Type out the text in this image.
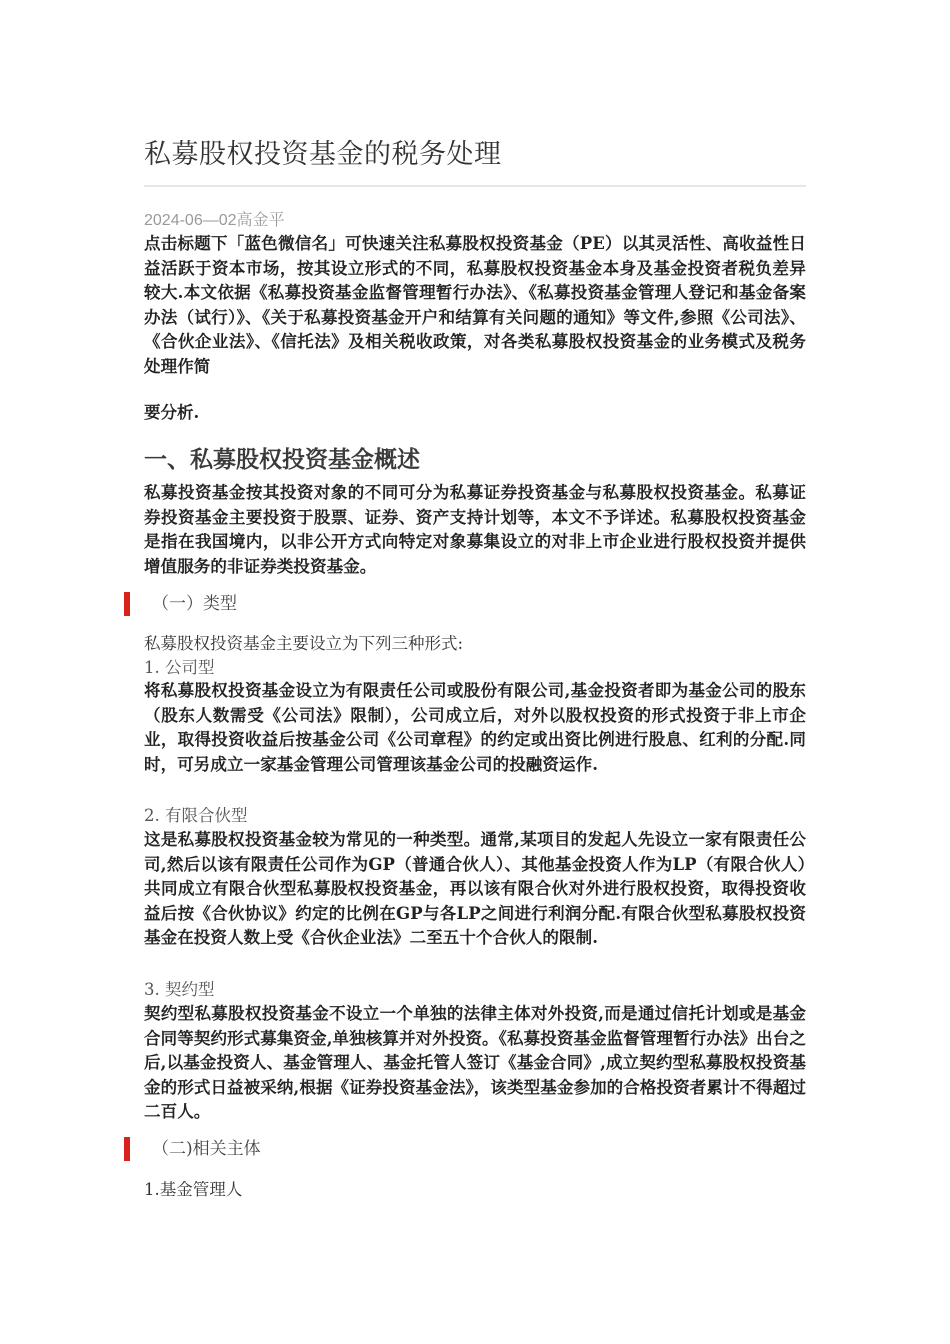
私募股权投资基金的税务处理
2024-06—02高金平

点击标题下「蓝色微信名」可快速关注私募股权投资基金（PE）以其灵活性、高收益性日益活跃于资本市场，按其设立形式的不同，私募股权投资基金本身及基金投资者税负差异较大.本文依据《私募投资基金监督管理暂行办法》、《私募投资基金管理人登记和基金备案办法（试行）》、《关于私募投资基金开户和结算有关问题的通知》等文件,参照《公司法》、《合伙企业法》、《信托法》及相关税收政策，对各类私募股权投资基金的业务模式及税务处理作简

要分析.
一、私募股权投资基金概述

私募投资基金按其投资对象的不同可分为私募证券投资基金与私募股权投资基金。私募证券投资基金主要投资于股票、证券、资产支持计划等，本文不予详述。私募股权投资基金是指在我国境内，以非公开方式向特定对象募集设立的对非上市企业进行股权投资并提供增值服务的非证券类投资基金。

（一）类型
私募股权投资基金主要设立为下列三种形式:
1. 公司型

将私募股权投资基金设立为有限责任公司或股份有限公司,基金投资者即为基金公司的股东（股东人数需受《公司法》限制），公司成立后，对外以股权投资的形式投资于非上市企业，取得投资收益后按基金公司《公司章程》的约定或出资比例进行股息、红利的分配.同时，可另成立一家基金管理公司管理该基金公司的投融资运作.

2. 有限合伙型

这是私募股权投资基金较为常见的一种类型。通常,某项目的发起人先设立一家有限责任公司,然后以该有限责任公司作为GP（普通合伙人）、其他基金投资人作为LP（有限合伙人）共同成立有限合伙型私募股权投资基金，再以该有限合伙对外进行股权投资，取得投资收益后按《合伙协议》约定的比例在GP与各LP之间进行利润分配.有限合伙型私募股权投资基金在投资人数上受《合伙企业法》二至五十个合伙人的限制.

3. 契约型

契约型私募股权投资基金不设立一个单独的法律主体对外投资,而是通过信托计划或是基金合同等契约形式募集资金,单独核算并对外投资。《私募投资基金监督管理暂行办法》出台之后,以基金投资人、基金管理人、基金托管人签订《基金合同》,成立契约型私募股权投资基金的形式日益被采纳,根据《证券投资基金法》，该类型基金参加的合格投资者累计不得超过二百人。

（二)相关主体
1.基金管理人
